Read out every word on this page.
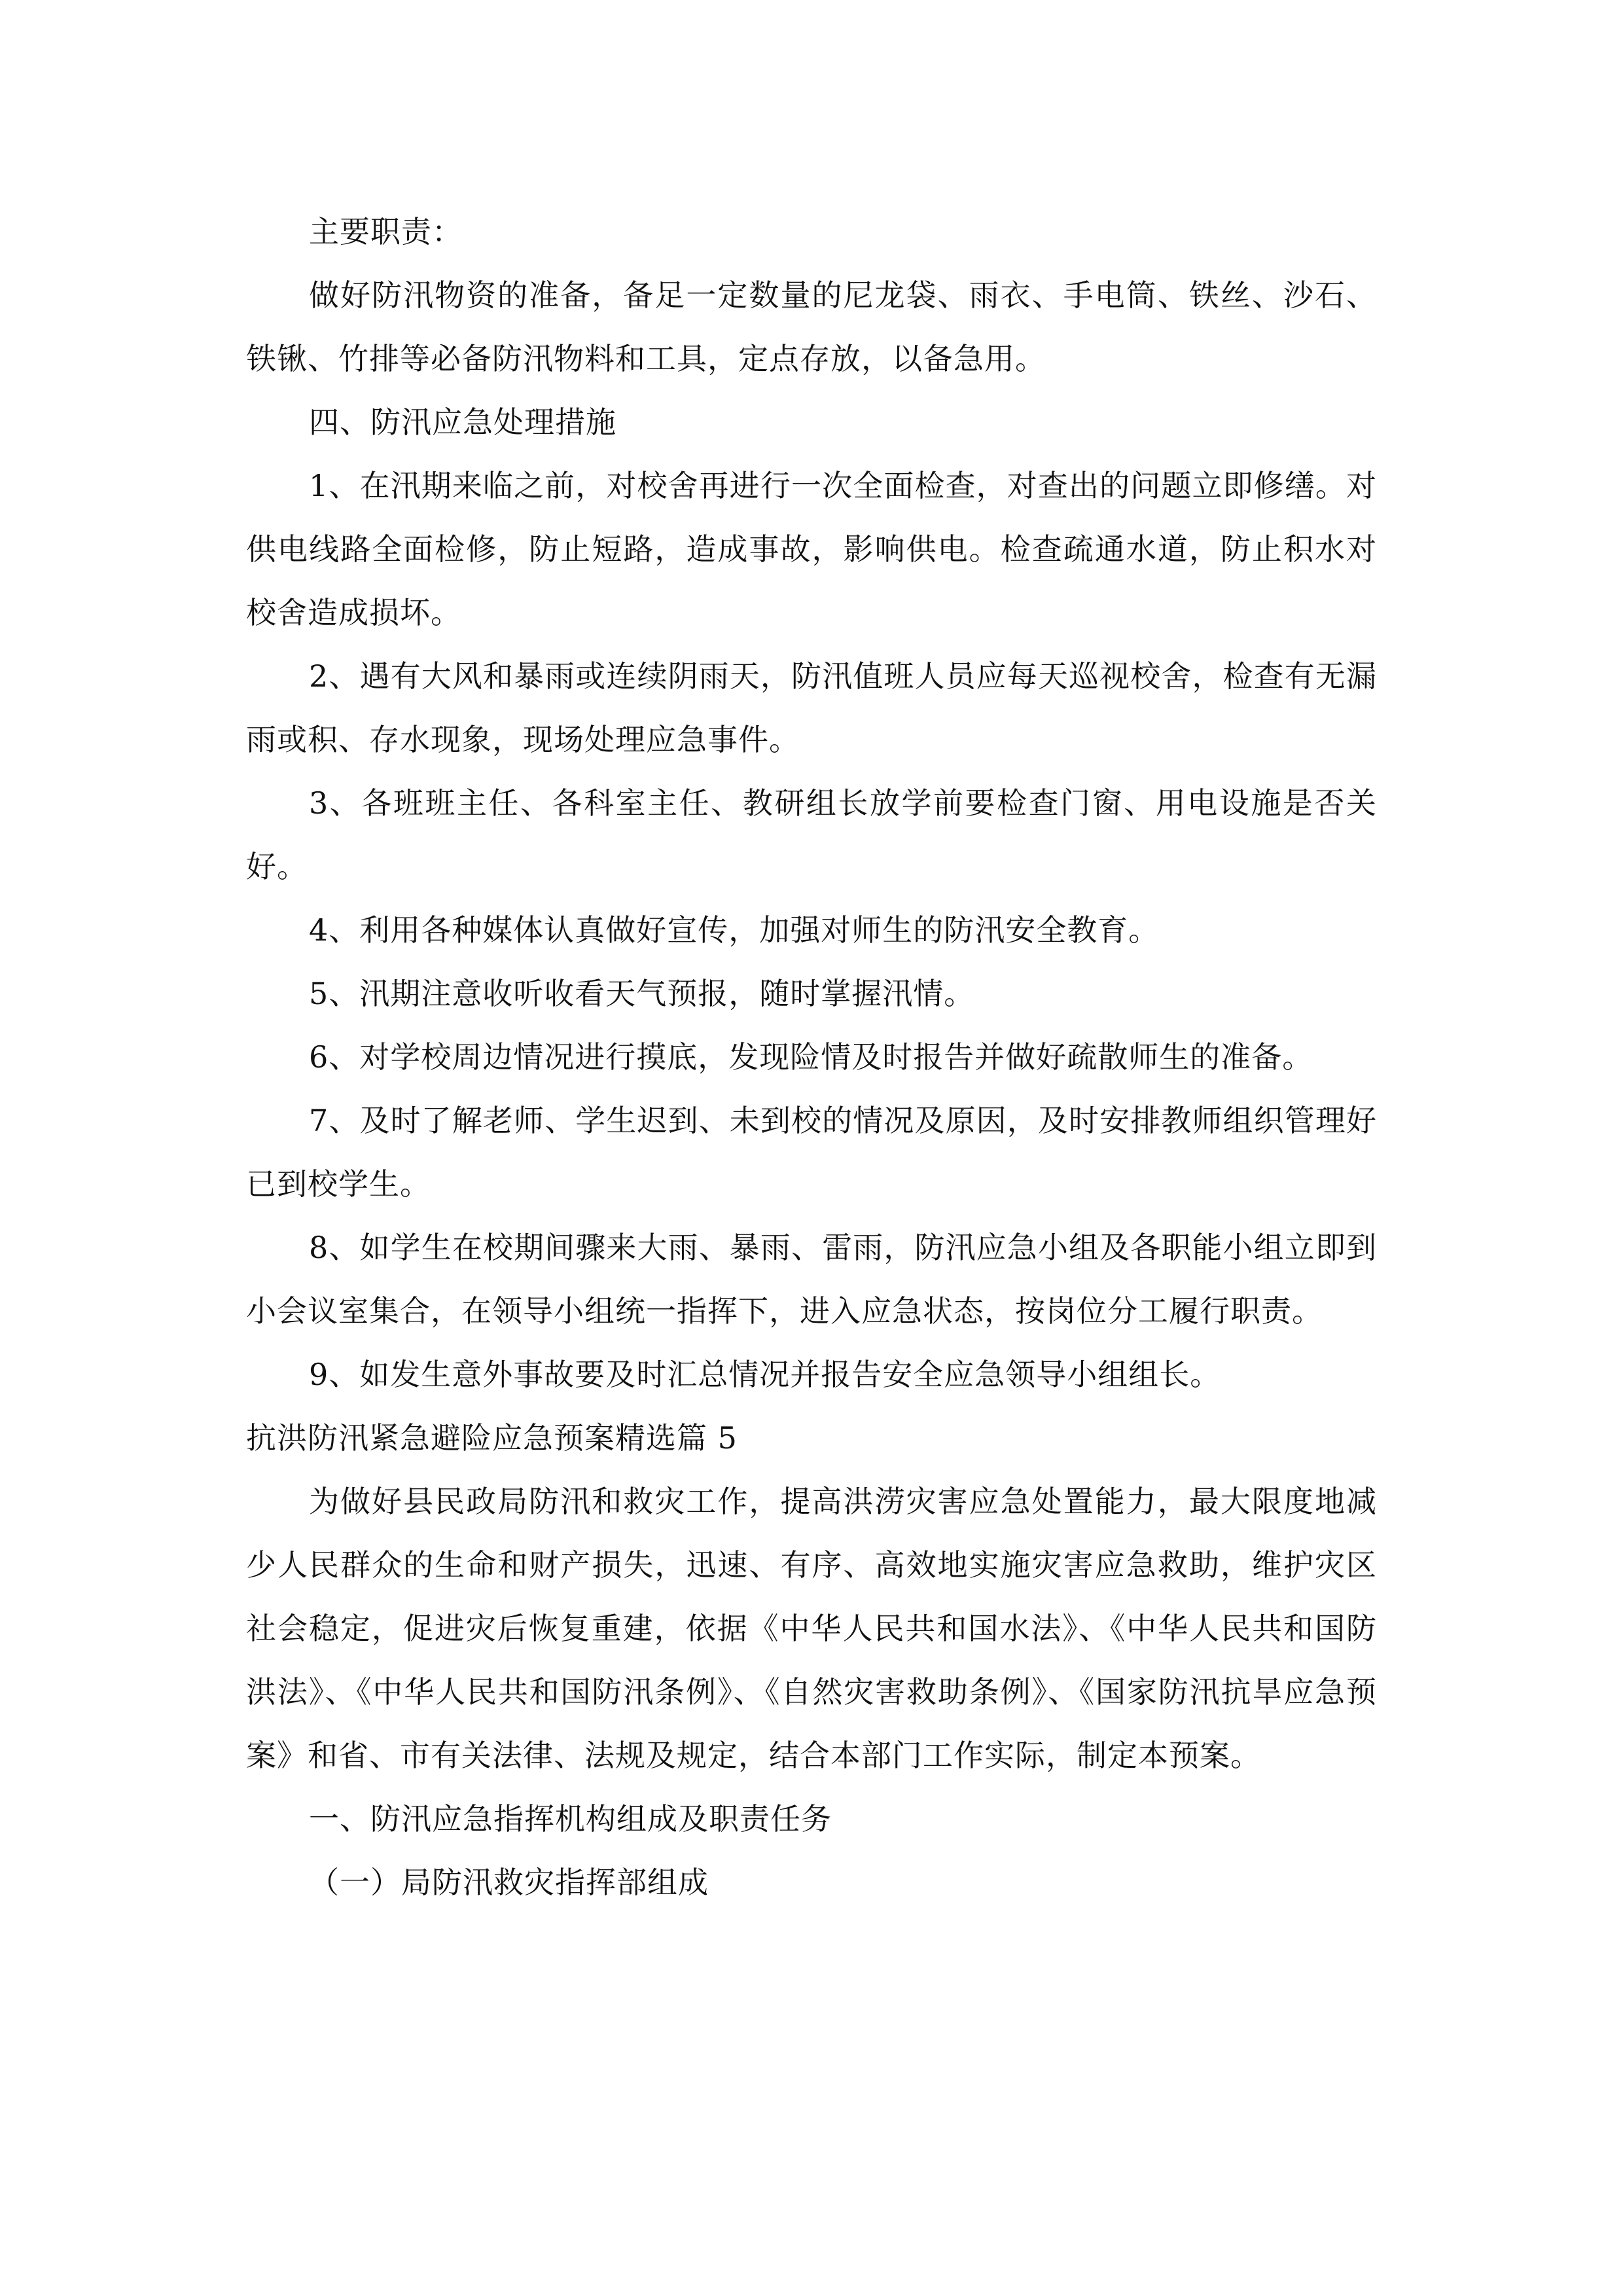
主要职责：

做好防汛物资的准备，备足一定数量的尼龙袋、雨衣、手电筒、铁丝、沙石、铁锹、竹排等必备防汛物料和工具，定点存放，以备急用。

四、防汛应急处理措施

1、在汛期来临之前，对校舍再进行一次全面检查，对查出的问题立即修缮。对供电线路全面检修，防止短路，造成事故，影响供电。检查疏通水道，防止积水对校舍造成损坏。

2、遇有大风和暴雨或连续阴雨天，防汛值班人员应每天巡视校舍，检查有无漏雨或积、存水现象，现场处理应急事件。

3、各班班主任、各科室主任、教研组长放学前要检查门窗、用电设施是否关好。

4、利用各种媒体认真做好宣传，加强对师生的防汛安全教育。

5、汛期注意收听收看天气预报，随时掌握汛情。

6、对学校周边情况进行摸底，发现险情及时报告并做好疏散师生的准备。

7、及时了解老师、学生迟到、未到校的情况及原因，及时安排教师组织管理好已到校学生。

8、如学生在校期间骤来大雨、暴雨、雷雨，防汛应急小组及各职能小组立即到小会议室集合，在领导小组统一指挥下，进入应急状态，按岗位分工履行职责。

9、如发生意外事故要及时汇总情况并报告安全应急领导小组组长。

抗洪防汛紧急避险应急预案精选篇 5

为做好县民政局防汛和救灾工作，提高洪涝灾害应急处置能力，最大限度地减少人民群众的生命和财产损失，迅速、有序、高效地实施灾害应急救助，维护灾区社会稳定，促进灾后恢复重建，依据《中华人民共和国水法》、《中华人民共和国防洪法》、《中华人民共和国防汛条例》、《自然灾害救助条例》、《国家防汛抗旱应急预案》和省、市有关法律、法规及规定，结合本部门工作实际，制定本预案。

一、防汛应急指挥机构组成及职责任务

（一）局防汛救灾指挥部组成
